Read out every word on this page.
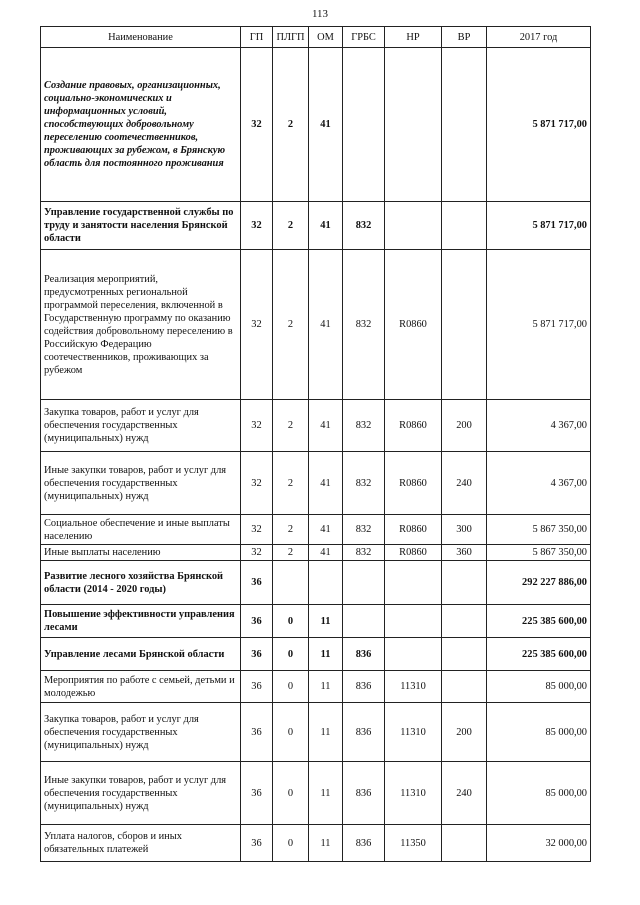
113
Наименование	ГП	ПЛГП	ОМ	ГРБС	НР	ВР	2017 год
Создание правовых, организационных, социально-экономических и информационных условий, способствующих добровольному переселению соотечественников, проживающих за рубежом, в Брянскую область для постоянного проживания	32	2	41				5 871 717,00
Управление государственной службы по труду и занятости населения Брянской области	32	2	41	832			5 871 717,00
Реализация мероприятий, предусмотренных региональной программой переселения, включенной в Государственную программу по оказанию содействия добровольному переселению в Российскую Федерацию соотечественников, проживающих за рубежом	32	2	41	832	R0860		5 871 717,00
Закупка товаров, работ и услуг для обеспечения государственных (муниципальных) нужд	32	2	41	832	R0860	200	4 367,00
Иные закупки товаров, работ и услуг для обеспечения государственных (муниципальных) нужд	32	2	41	832	R0860	240	4 367,00
Социальное обеспечение и иные выплаты населению	32	2	41	832	R0860	300	5 867 350,00
Иные выплаты населению	32	2	41	832	R0860	360	5 867 350,00
Развитие лесного хозяйства Брянской области (2014 - 2020 годы)	36						292 227 886,00
Повышение эффективности управления лесами	36	0	11				225 385 600,00
Управление лесами Брянской области	36	0	11	836			225 385 600,00
Мероприятия по работе с семьей, детьми и молодежью	36	0	11	836	11310		85 000,00
Закупка товаров, работ и услуг для обеспечения государственных (муниципальных) нужд	36	0	11	836	11310	200	85 000,00
Иные закупки товаров, работ и услуг для обеспечения государственных (муниципальных) нужд	36	0	11	836	11310	240	85 000,00
Уплата налогов, сборов и иных обязательных платежей	36	0	11	836	11350		32 000,00
